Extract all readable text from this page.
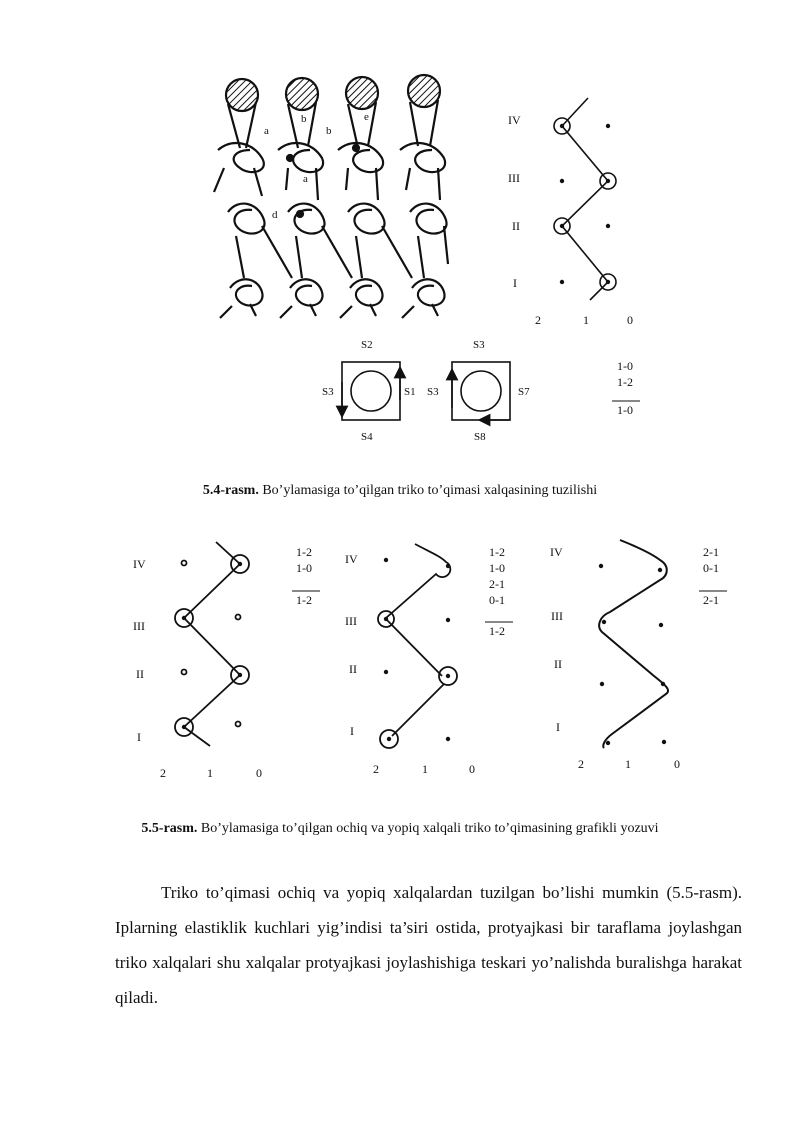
a
b
b
e
a
d
IV
III
II
I
2	1	0
S2
S3	S1
S4
S3
S3	S7
S8
1-0
1-2
1-0
5.4-rasm. Bo’ylamasiga to’qilgan triko to’qimasi xalqasining tuzilishi
IV
III
II
I
2	1	0
1-2
1-0
1-2
IV
III
II
I
2	1	0
1-2
1-0
2-1
0-1
1-2
IV
III
II
I
2	1	0
2-1
0-1
2-1
5.5-rasm. Bo’ylamasiga to’qilgan ochiq va yopiq xalqali triko to’qimasining grafikli yozuvi

Triko to’qimasi ochiq va yopiq xalqalardan tuzilgan bo’lishi mumkin (5.5-rasm). Iplarning elastiklik kuchlari yig’indisi ta’siri ostida, protyajkasi bir taraflama joylashgan triko xalqalari shu xalqalar protyajkasi joylashishiga teskari yo’nalishda buralishga harakat qiladi.
